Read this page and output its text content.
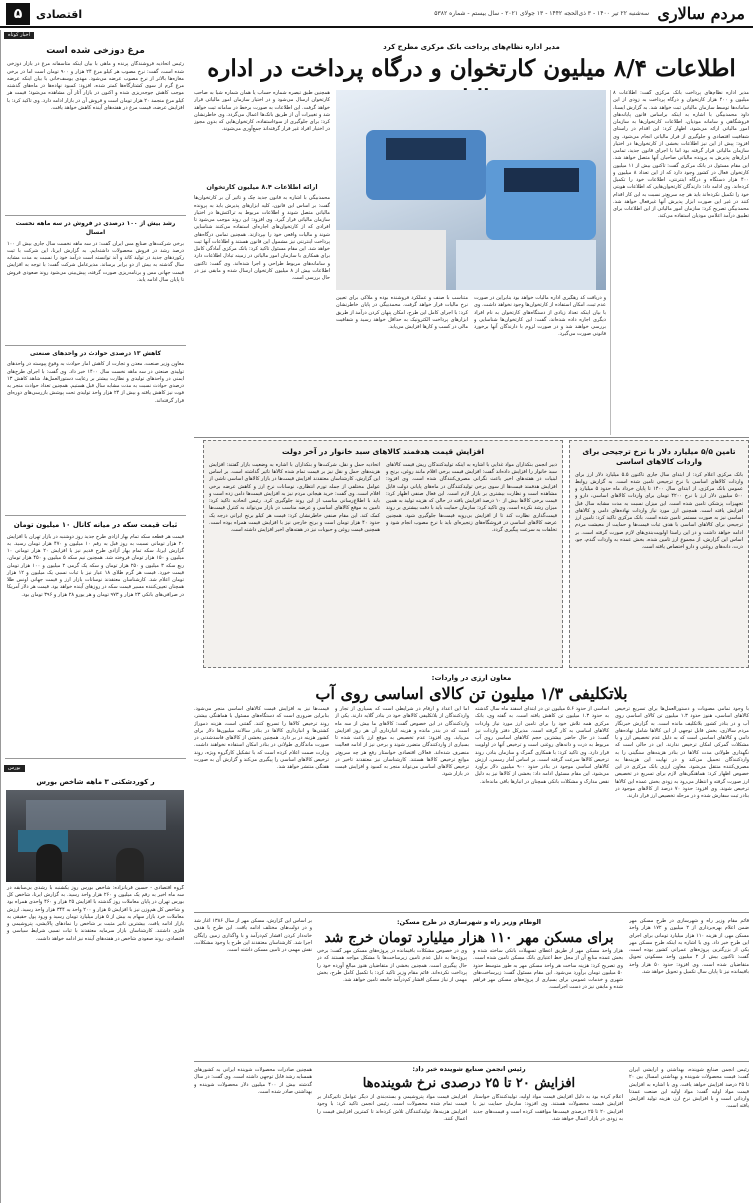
مردم سالاری
سه‌شنبه ۲۲ تیر ۱۴۰۰ - ۳ ذی‌الحجه ۱۴۴۲ - ۱۳ جولای ۲۰۲۱ - سال بیستم - شماره ۵۳۸۲
اقتصادی
۵
اخبار کوتاه
مرغ دوزخی شده است
رئیس اتحادیه فروشندگان پرنده و ماهی با بیان اینکه متاسفانه مرغ در بازار دوزخی شده است، گفت: نرخ مصوب هر کیلو مرغ ۲۴ هزار و ۹۰۰ تومان است اما در برخی مغازه‌ها بالاتر از نرخ مصوب عرضه می‌شود. مهدی یوسف‌خانی با بیان اینکه عرضه مرغ گرم از سوی کشتارگاه‌ها کمتر شده، افزود: کمبود نهاده‌ها در ماه‌های گذشته موجب کاهش جوجه‌ریزی شده و اکنون در بازار آثار آن مشاهده می‌شود؛ قیمت هر کیلو مرغ منجمد ۲۰ هزار تومان است و فروش آن در بازار ادامه دارد. وی تاکید کرد: با افزایش عرضه، قیمت مرغ در هفته‌های آینده کاهش خواهد یافت.
رشد بیش از ۱۰۰ درصدی در فروش در سه ماهه نخست امسال
برخی شرکت‌های صنایع مس ایران گفت: در سه ماهه نخست سال جاری بیش از ۱۰۰ درصد رشد در فروش محصولات داشته‌ایم. به گزارش ایرنا، این شرکت با ثبت رکوردهای جدید در تولید کاتد و آند توانسته است درآمد خود را نسبت به مدت مشابه سال گذشته به بیش از دو برابر برساند. مدیرعامل شرکت گفت: با توجه به افزایش قیمت جهانی مس و برنامه‌ریزی صورت گرفته، پیش‌بینی می‌شود روند صعودی فروش تا پایان سال ادامه یابد.
کاهش ۱۳ درصدی حوادث در واحدهای صنعتی
معاون وزیر صنعت، معدن و تجارت از کاهش آمار حوادث به وقوع پیوسته در واحدهای تولیدی صنعتی در سه ماهه نخست سال ۱۴۰۰ خبر داد. وی گفت: با اجرای طرح‌های ایمنی در واحدهای تولیدی و نظارت بیشتر بر رعایت دستورالعمل‌ها، شاهد کاهش ۱۳ درصدی حوادث نسبت به مدت مشابه سال قبل هستیم. همچنین تعداد حوادث منجر به فوت نیز کاهش یافته و بیش از ۲۴ هزار واحد تولیدی تحت پوشش بازرسی‌های دوره‌ای قرار گرفته‌اند.
ثبات قیمت سکه در میانه کانال ۱۰ میلیون تومان
قیمت هر قطعه سکه تمام بهار آزادی طرح جدید روز دوشنبه در بازار تهران با افزایش ۲۰ هزار تومانی نسبت به روز قبل به رقم ۱۰ میلیون و ۴۷۰ هزار تومان رسید. به گزارش ایرنا، سکه تمام بهار آزادی طرح قدیم نیز با افزایش ۲۰ هزار تومانی ۱۰ میلیون و ۱۵۰ هزار تومان فروخته شد. همچنین نیم سکه ۵ میلیون و ۴۵۰ هزار تومان، ربع سکه ۳ میلیون و ۲۵۰ هزار تومان و سکه یک گرمی ۲ میلیون و ۱۰۰ هزار تومان قیمت خورد. قیمت هر گرم طلای ۱۸ عیار نیز با ثبات نسبی یک میلیون و ۱۲ هزار تومان اعلام شد. کارشناسان معتقدند نوسانات بازار ارز و قیمت جهانی اونس طلا همچنان تعیین‌کننده مسیر قیمت سکه در روزهای آینده خواهد بود. قیمت هر دلار آمریکا در صرافی‌های بانکی ۲۳ هزار و ۹۷۳ تومان و هر یورو ۲۸ هزار و ۳۹۶ تومان بود.
بورس
ر کوردشکنی ۳ ماهه شاخص بورس
گروه اقتصادی - حسین قربانزاده: شاخص بورس روز یکشنبه با رشدی بی‌سابقه در سه ماه اخیر به رقم یک میلیون و ۲۶۰ هزار واحد رسید. به گزارش ایرنا، شاخص کل بورس تهران در پایان معاملات روز گذشته با افزایش ۲۵ هزار و ۴۶۰ واحدی همراه بود و شاخص کل هم‌وزن نیز با افزایش ۵ هزار و ۲۰۰ واحد به ۳۴۴ هزار واحد رسید. ارزش معاملات خرد بازار سهام به بیش از ۵ هزار میلیارد تومان رسید و ورود پول حقیقی به بازار ادامه یافت. بیشترین تاثیر مثبت بر شاخص را نمادهای پالایشی، پتروشیمی و فلزی داشتند. کارشناسان بازار سرمایه معتقدند با ثبات نسبی شرایط سیاسی و اقتصادی، روند صعودی شاخص در هفته‌های آینده نیز ادامه خواهد داشت.
مدیر اداره نظام‌های پرداخت بانک مرکزی مطرح کرد
اطلاعات ۸/۴ میلیون کارتخوان و درگاه پرداخت در اداره
مدیر اداره نظام‌های پرداخت بانک مرکزی گفت: اطلاعات ۸ میلیون و ۴۰۰ هزار کارتخوان و درگاه پرداخت به زودی از این سامانه‌ها توسط سازمان مالیاتی ثبت خواهد شد. به گزارش ایسنا، داود محمدبیگی با اشاره به اینکه براساس قانون پایانه‌های فروشگاهی و سامانه مودیان، اطلاعات کارتخوان‌ها به سازمان امور مالیاتی ارائه می‌شود، اظهار کرد: این اقدام در راستای شفافیت اقتصادی و جلوگیری از فرار مالیاتی انجام می‌شود. وی افزود: پیش از این نیز اطلاعات بخشی از کارتخوان‌ها در اختیار سازمان مالیاتی قرار گرفته بود اما با اجرای قانون جدید، تمامی ابزارهای پذیرش به پرونده مالیاتی صاحبان آنها متصل خواهد شد. این مقام مسئول در بانک مرکزی گفت: تاکنون بیش از ۱۱ میلیون کارتخوان فعال در کشور وجود دارد که از این تعداد ۸ میلیون و ۴۰۰ هزار دستگاه و درگاه اینترنتی، اطلاعات خود را تکمیل کرده‌اند. وی ادامه داد: دارندگان کارتخوان‌هایی که اطلاعات هویتی خود را تکمیل نکرده‌اند باید هر چه سریع‌تر نسبت به این کار اقدام کنند در غیر این صورت ابزار پذیرش آنها غیرفعال خواهد شد. محمدبیگی تصریح کرد: سازمان امور مالیاتی از این اطلاعات برای تطبیق درآمد اعلامی مودیان استفاده می‌کند.
و دریافت کد رهگیری اداره مالیات خواهد بود بنابراین در صورت عدم ثبت، امکان استفاده از کارتخوان‌ها وجود نخواهد داشت. وی با بیان اینکه تعداد زیادی از دستگاه‌های کارتخوان به نام افراد دیگری اجاره داده شده‌اند، گفت: این کارتخوان‌ها شناسایی و بررسی خواهند شد و در صورت لزوم با دارندگان آنها برخورد قانونی صورت می‌گیرد.
متناسب با صنف و عملکرد فروشنده بوده و ملاکی برای تعیین نرخ مالیات قرار خواهد گرفت. محمدبیگی در پایان خاطرنشان کرد: با اجرای کامل این طرح، امکان پنهان کردن درآمد از طریق ابزارهای پرداخت الکترونیک به حداقل خواهد رسید و شفافیت مالی در کسب و کارها افزایش می‌یابد.
همچنین طبق تبصره شماره حساب یا همان شماره شبا به صاحب کارتخوان ارسال می‌شود و در اختیار سازمان امور مالیاتی قرار خواهد گرفت. این اطلاعات به صورت برخط در سامانه ثبت خواهد شد و تغییرات آن از طریق بانک‌ها اعمال می‌گردد. وی خاطرنشان کرد: برای جلوگیری از سوءاستفاده، کارتخوان‌هایی که بدون مجوز در اختیار افراد غیر قرار گرفته‌اند جمع‌آوری می‌شوند.
ارائه اطلاعات ۸.۴ میلیون کارتخوان
محمدبیگی با اشاره به قانون جدید چک و تاثیر آن بر کارتخوان‌ها گفت: بر اساس این قانون، کلیه ابزارهای پذیرش باید به پرونده مالیاتی متصل شوند و اطلاعات مربوط به تراکنش‌ها در اختیار سازمان مالیاتی قرار گیرد. وی افزود: این روند موجب می‌شود تا افرادی که از کارتخوان‌های اجاره‌ای استفاده می‌کنند شناسایی شوند و مالیات واقعی خود را بپردازند. همچنین تمامی درگاه‌های پرداخت اینترنتی نیز مشمول این قانون هستند و اطلاعات آنها ثبت خواهد شد. این مقام مسئول تاکید کرد: بانک مرکزی آمادگی کامل برای همکاری با سازمان امور مالیاتی در زمینه تبادل اطلاعات دارد و سامانه‌های مربوط طراحی و اجرا شده‌اند. وی گفت: تاکنون اطلاعات بیش از ۸ میلیون کارتخوان ارسال شده و مابقی نیز در حال بررسی است.
تامین ۵/۵ میلیارد دلار با نرخ ترجیحی برای واردات کالاهای اساسی
بانک مرکزی اعلام کرد: از ابتدای سال جاری تاکنون ۵.۵ میلیارد دلار ارز برای واردات کالاهای اساسی با نرخ ترجیحی تامین شده است. به گزارش روابط عمومی بانک مرکزی، از ابتدای سال ۱۴۰۰ تا پایان خرداد ماه حدود ۵ میلیارد و ۵۰۰ میلیون دلار ارز با نرخ ۴۲۰۰ تومان برای واردات کالاهای اساسی، دارو و تجهیزات پزشکی تامین شده است. این میزان نسبت به مدت مشابه سال قبل افزایش یافته است. همچنین ارز مورد نیاز واردات نهاده‌های دامی و کالاهای اساسی نیز به صورت مستمر تامین شده است. بانک مرکزی تاکید کرد: تامین ارز ترجیحی برای کالاهای اساسی با هدف ثبات قیمت‌ها و حمایت از معیشت مردم ادامه خواهد داشت و در این راستا اولویت‌بندی‌های لازم صورت گرفته است. بر اساس این گزارش، از مجموع ارز تامین شده، بخش عمده به واردات گندم، جو، ذرت، دانه‌های روغنی و دارو اختصاص یافته است.
افزایش قیمت هدفمند کالاهای سبد خانوار در آخر دولت
دبیر انجمن بنکداران مواد غذایی با اشاره به اینکه تولیدکنندگان ریش قیمت کالاهای سبد خانوار را افزایش داده‌اند گفت: افزایش قیمت برخی اقلام مانند روغن، برنج و لبنیات در هفته‌های اخیر باعث نگرانی مصرف‌کنندگان شده است. وی افزود: افزایش هدفمند قیمت‌ها از سوی برخی تولیدکنندگان در ماه‌های پایانی دولت قابل مشاهده است و نظارت بیشتری بر بازار لازم است. این فعال صنفی اظهار کرد: قیمت برخی کالاها بیش از ۱۰ درصد افزایش یافته در حالی که هزینه تولید به همین میزان رشد نکرده است. وی تاکید کرد: سازمان حمایت باید با دقت بیشتری بر روند قیمت‌گذاری نظارت کند تا از افزایش بی‌رویه قیمت‌ها جلوگیری شود. همچنین عرضه کالاهای اساسی در فروشگاه‌های زنجیره‌ای باید با نرخ مصوب انجام شود و تخلفات به سرعت پیگیری گردد.
اتحادیه حمل و نقل، شرکت‌ها و بنکداران با اشاره به وضعیت بازار گفتند: افزایش هزینه‌های حمل و نقل نیز بر قیمت تمام شده کالاها تاثیر گذاشته است. بر اساس این گزارش، کارشناسان معتقدند افزایش قیمت‌ها در بازار کالاهای اساسی ناشی از عوامل مختلفی از جمله تورم انتظاری، نوسانات نرخ ارز و کاهش عرضه برخی اقلام است. وی گفت: خرید هیجانی مردم نیز به افزایش قیمت‌ها دامن زده است و باید با اطلاع‌رسانی مناسب از این روند جلوگیری کرد. رئیس اتحادیه تاکید کرد: تامین به موقع کالاهای اساسی و عرضه مناسب در بازار می‌تواند به کنترل قیمت‌ها کمک کند. این مقام صنفی خاطرنشان کرد: قیمت هر کیلو برنج ایرانی درجه یک حدود ۴۰ هزار تومان است و برنج خارجی نیز با افزایش قیمت همراه بوده است. همچنین قیمت روغن و حبوبات نیز در هفته‌های اخیر افزایش داشته است.
معاون ارزی در واردات:
بلاتکلیفی ۱/۳ میلیون تن کالای اساسی روی آب
با وجود تمامی مصوبات و دستورالعمل‌ها برای تسریع ترخیص کالاهای اساسی، هنوز حدود ۱.۳ میلیون تن کالای اساسی روی آب و در بنادر کشور بلاتکلیف مانده است. به گزارش خبرنگار مردم سالاری، بخش قابل توجهی از این کالاها شامل نهاده‌های دامی و کالاهای اساسی است که به دلیل عدم تخصیص ارز و یا مشکلات گمرکی امکان ترخیص ندارند. این در حالی است که نگهداری طولانی مدت کالاها در بنادر هزینه‌های سنگینی را به واردکنندگان تحمیل می‌کند و در نهایت این هزینه‌ها به مصرف‌کننده منتقل می‌شود. معاون ارزی بانک مرکزی در این خصوص اظهار کرد: هماهنگی‌های لازم برای تسریع در تخصیص ارز صورت گرفته و انتظار می‌رود به زودی بخش عمده این کالاها ترخیص شوند. وی افزود: حدود ۷۰ درصد از کالاهای موجود در بنادر ثبت سفارش شده و در مرحله تخصیص ارز قرار دارند.
اساسی از حدود ۵.۶ میلیون تن در ابتدای اسفند ماه سال گذشته به حدود ۱.۳ میلیون تن کاهش یافته است. به گفته وی، بانک مرکزی همه تلاش خود را برای تامین ارز مورد نیاز واردات کالاهای اساسی به کار گرفته است. مدیرکل دفتر واردات نیز گفت: در حال حاضر بیشترین حجم کالاهای اساسی روی آب مربوط به ذرت و دانه‌های روغنی است و ترخیص آنها در اولویت قرار دارد. وی تاکید کرد: با همکاری گمرک و سازمان بنادر، روند ترخیص کالاها سرعت گرفته است. بر اساس آمار رسمی، ارزش کالاهای اساسی موجود در بنادر حدود ۹۰۰ میلیون دلار برآورد می‌شود. این مقام مسئول ادامه داد: بخشی از کالاها نیز به دلیل نقص مدارک و مشکلات بانکی همچنان در انبارها باقی مانده‌اند.
اما این اعداد و ارقام در شرایطی است که بسیاری از تجار و واردکنندگان از بلاتکلیفی کالاهای خود در بنادر گلایه دارند. یکی از واردکنندگان در این خصوص گفت: کالاهای ما بیش از سه ماه است که در بندر مانده و هزینه انبارداری آن هر روز افزایش می‌یابد. وی افزود: عدم تخصیص به موقع ارز باعث شده تا بسیاری از واردکنندگان متضرر شوند و برخی نیز از ادامه فعالیت منصرف شده‌اند. فعالان اقتصادی خواستار رفع هر چه سریع‌تر موانع ترخیص کالاها هستند. کارشناسان نیز معتقدند تاخیر در ترخیص کالاهای اساسی می‌تواند منجر به کمبود و افزایش قیمت در بازار شود.
قیمت‌ها نیز به افزایش قیمت کالاهای اساسی منجر می‌شود. بنابراین ضروری است که دستگاه‌های مسئول با هماهنگی بیشتر، روند ترخیص کالاها را تسریع کنند. گفتنی است، هزینه دموراژ کشتی‌ها و انبارداری کالاها در بنادر سالانه میلیون‌ها دلار برای کشور هزینه در بر دارد. همچنین بخشی از کالاهای فاسدشدنی در صورت ماندگاری طولانی در بنادر امکان استفاده نخواهند داشت. وزارت صمت اعلام کرده است که با تشکیل کارگروه ویژه، روند ترخیص کالاهای اساسی را پیگیری می‌کند و گزارش آن به صورت هفتگی منتشر خواهد شد.
الوطام وزیر راه و شهرسازی در طرح مسکن:
برای مسکن مهر ۱۱۰ هزار میلیارد تومان خرج شد
قائم مقام وزیر راه و شهرسازی در طرح مسکن مهر ضمن اعلام بهره‌برداری از ۲ میلیون و ۱۷۲ هزار واحد مسکن مهر، از هزینه ۱۱۰ هزار میلیارد تومانی برای اجرای این طرح خبر داد. وی با اشاره به اینکه طرح مسکن مهر یکی از بزرگترین پروژه‌های عمرانی کشور بوده است، گفت: تاکنون بیش از ۲ میلیون واحد مسکونی تحویل متقاضیان شده است. وی افزود: حدود ۵۰ هزار واحد باقیمانده نیز تا پایان سال تکمیل و تحویل خواهد شد.
هزار واحد مسکن مهر از طریق اعطای تسهیلات بانکی ساخته شده و بخش عمده منابع آن از محل خط اعتباری بانک مسکن تامین شده است. وی تصریح کرد: هزینه ساخت هر واحد مسکن مهر به طور متوسط حدود ۵۰ میلیون تومان برآورد می‌شود. این مقام مسئول گفت: زیرساخت‌های شهری و خدمات عمومی برای بسیاری از پروژه‌های مسکن مهر فراهم شده و مابقی نیز در دست اجراست.
وی در خصوص مشکلات باقیمانده در پروژه‌های مسکن مهر گفت: برخی پروژه‌ها به دلیل عدم تامین زیرساخت‌ها با مشکل مواجه هستند که در حال پیگیری است. همچنین بخشی از متقاضیان هنوز مبالغ آورده خود را پرداخت نکرده‌اند. قائم مقام وزیر تاکید کرد: با تکمیل کامل طرح، بخش مهمی از نیاز مسکن اقشار کم‌درآمد جامعه تامین خواهد شد.
بر اساس این گزارش، مسکن مهر از سال ۱۳۸۶ آغاز شد و در دولت‌های مختلف ادامه یافت. این طرح با هدف خانه‌دار کردن اقشار کم‌درآمد و با واگذاری زمین رایگان اجرا شد. کارشناسان معتقدند این طرح با وجود مشکلات، نقش مهمی در تامین مسکن داشته است.
رئیس انجمن صنایع شوینده خبر داد:
افزایش ۲۰ تا ۲۵ درصدی نرخ شوینده‌ها
رئیس انجمن صنایع شوینده، بهداشتی و آرایشی ایران گفت: قیمت محصولات شوینده و بهداشتی امسال بین ۲۰ تا ۲۵ درصد افزایش خواهد یافت. وی با اشاره به افزایش قیمت مواد اولیه گفت: مواد اولیه این صنعت عمدتا وارداتی است و با افزایش نرخ ارز، هزینه تولید افزایش یافته است.
اعلام کرده بود به دلیل افزایش قیمت مواد اولیه، تولیدکنندگان خواستار افزایش قیمت محصولات هستند. وی افزود: سازمان حمایت نیز با افزایش ۲۰ تا ۲۵ درصدی قیمت‌ها موافقت کرده است و قیمت‌های جدید به زودی در بازار اعمال خواهد شد.
افزایش قیمت مواد پتروشیمی و بسته‌بندی از دیگر عوامل تاثیرگذار بر قیمت تمام شده محصولات است. رئیس انجمن تاکید کرد: با وجود افزایش هزینه‌ها، تولیدکنندگان تلاش کرده‌اند تا کمترین افزایش قیمت را اعمال کنند.
همچنین صادرات محصولات شوینده ایرانی به کشورهای همسایه رشد قابل توجهی داشته است. وی گفت: در سال گذشته بیش از ۴۰۰ میلیون دلار محصولات شوینده و بهداشتی صادر شده است.
